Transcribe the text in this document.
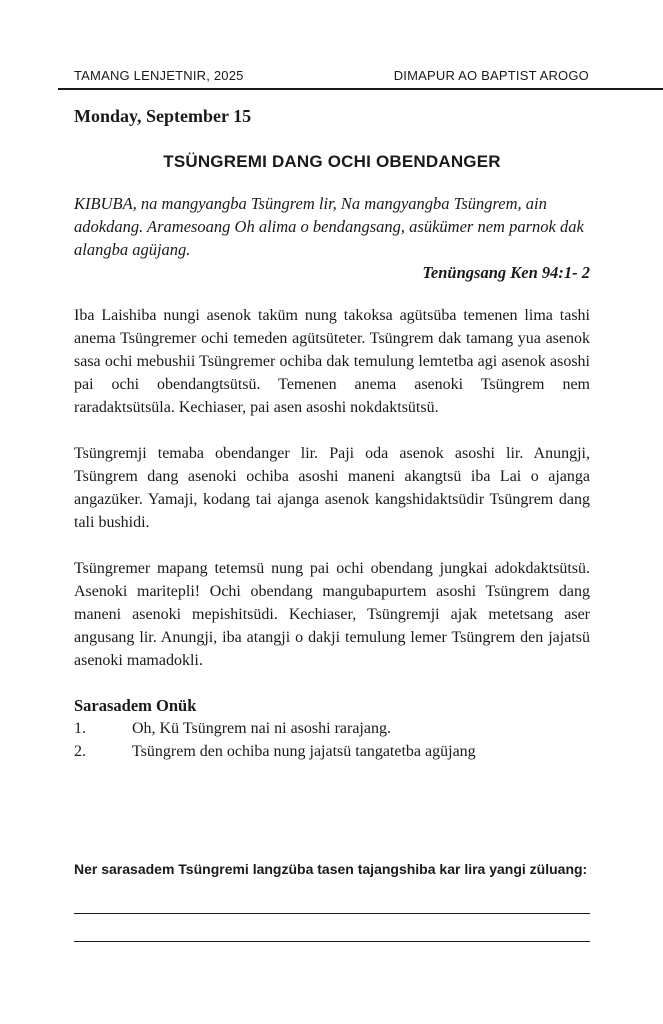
TAMANG LENJETNIR, 2025	DIMAPUR AO BAPTIST AROGO

Monday, September 15

TSÜNGREMI DANG OCHI OBENDANGER

KIBUBA, na mangyangba Tsüngrem lir, Na mangyangba Tsüngrem, ain adokdang. Aramesoang Oh alima o bendangsang, asükümer nem parnok dak alangba agüjang.

Tenüngsang Ken 94:1- 2

Iba Laishiba nungi asenok taküm nung takoksa agütsüba temenen lima tashi anema Tsüngremer ochi temeden agütsüteter. Tsüngrem dak tamang yua asenok sasa ochi mebushii Tsüngremer ochiba dak temulung lemtetba agi asenok asoshi pai ochi obendangtsütsü. Temenen anema asenoki Tsüngrem nem raradaktsütsüla. Kechiaser, pai asen asoshi nokdaktsütsü.

Tsüngremji temaba obendanger lir. Paji oda asenok asoshi lir. Anungji, Tsüngrem dang asenoki ochiba asoshi maneni akangtsü iba Lai o ajanga angazüker. Yamaji, kodang tai ajanga asenok kangshidaktsüdir Tsüngrem dang tali bushidi.

Tsüngremer mapang tetemsü nung pai ochi obendang jungkai adokdaktsütsü. Asenoki maritepli! Ochi obendang mangubapurtem asoshi Tsüngrem dang maneni asenoki mepishitsüdi. Kechiaser, Tsüngremji ajak metetsang aser angusang lir. Anungji, iba atangji o dakji temulung lemer Tsüngrem den jajatsü asenoki mamadokli.

Sarasadem Onük

1.	Oh, Kü Tsüngrem nai ni asoshi rarajang.
2.	Tsüngrem den ochiba nung jajatsü tangatetba agüjang
Ner sarasadem Tsüngremi langzüba tasen tajangshiba kar lira yangi züluang:
